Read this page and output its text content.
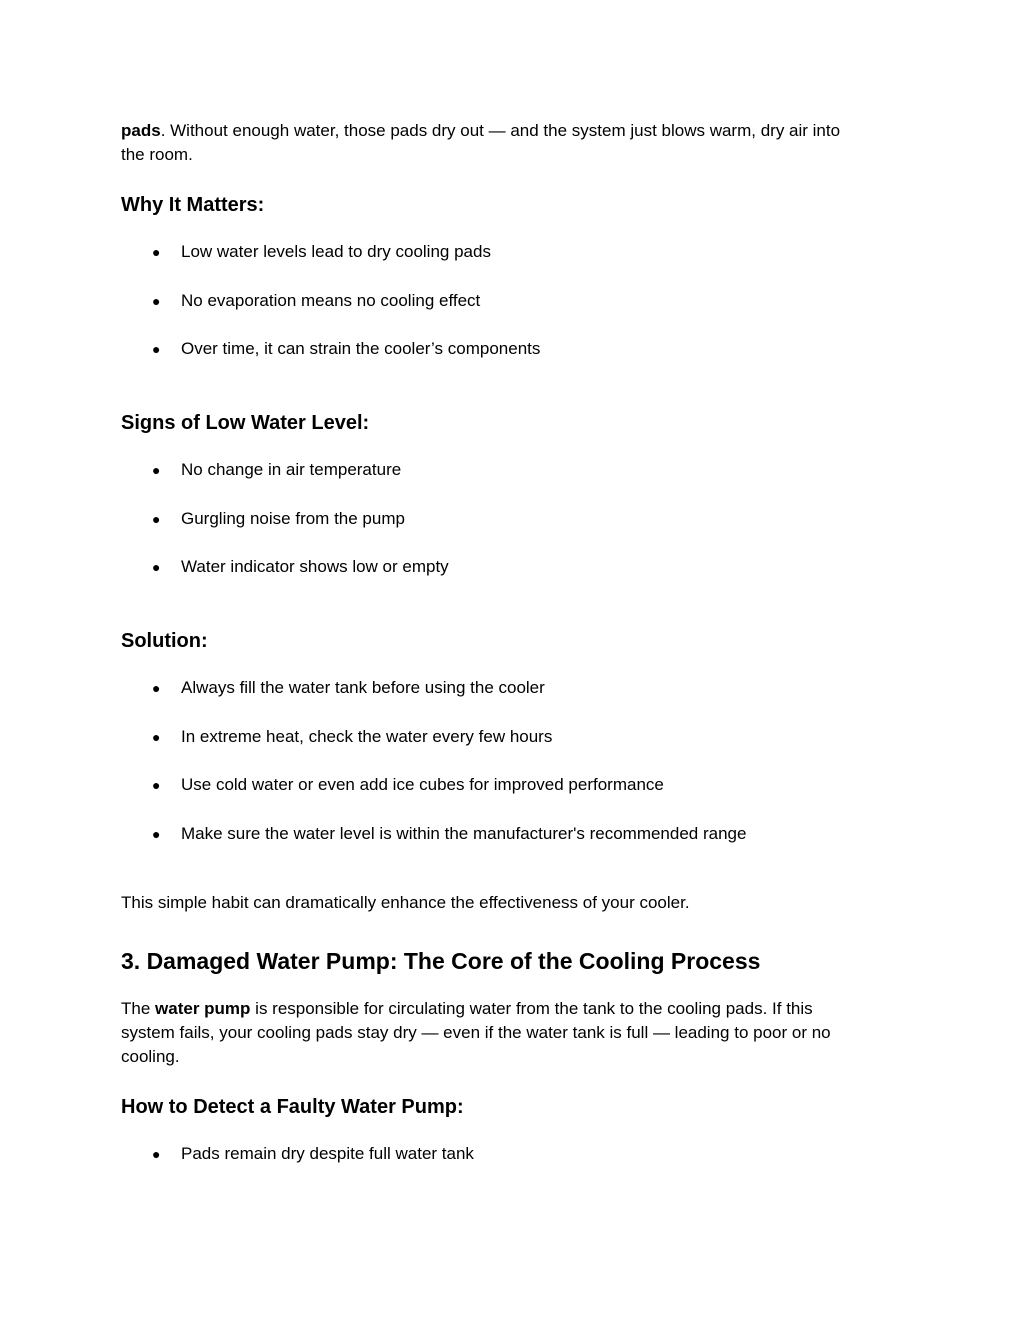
pads. Without enough water, those pads dry out — and the system just blows warm, dry air into

the room.

Why It Matters:
● Low water levels lead to dry cooling pads
● No evaporation means no cooling effect
● Over time, it can strain the cooler’s components
Signs of Low Water Level:
● No change in air temperature
● Gurgling noise from the pump
● Water indicator shows low or empty
Solution:
● Always fill the water tank before using the cooler
● In extreme heat, check the water every few hours
● Use cold water or even add ice cubes for improved performance
● Make sure the water level is within the manufacturer's recommended range

This simple habit can dramatically enhance the effectiveness of your cooler.

3. Damaged Water Pump: The Core of the Cooling Process

The water pump is responsible for circulating water from the tank to the cooling pads. If this

system fails, your cooling pads stay dry — even if the water tank is full — leading to poor or no

cooling.

How to Detect a Faulty Water Pump:
● Pads remain dry despite full water tank
